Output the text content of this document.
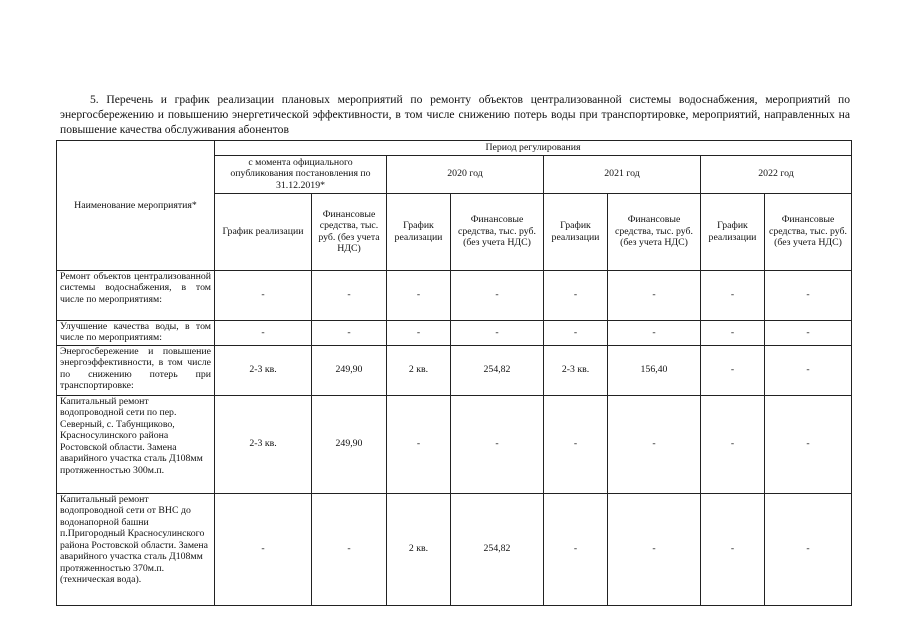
5. Перечень и график реализации плановых мероприятий по ремонту объектов централизованной системы водоснабжения, мероприятий по энергосбережению и повышению энергетической эффективности, в том числе снижению потерь воды при транспортировке, мероприятий, направленных на повышение качества обслуживания абонентов

Наименование мероприятия*	Период регулирования							
	с момента официального опубликования постановления по 31.12.2019*		2020 год		2021 год		2022 год	
	График реализации	Финансовые средства, тыс. руб. (без учета НДС)	График реализации	Финансовые средства, тыс. руб. (без учета НДС)	График реализации	Финансовые средства, тыс. руб. (без учета НДС)	График реализации	Финансовые средства, тыс. руб. (без учета НДС)
Ремонт объектов централизованной системы водоснабжения, в том числе по мероприятиям:	-	-	-	-	-	-	-	-
Улучшение качества воды, в том числе по мероприятиям:	-	-	-	-	-	-	-	-
Энергосбережение и повышение энергоэффективности, в том числе по снижению потерь при транспортировке:	2-3 кв.	249,90	2 кв.	254,82	2-3 кв.	156,40	-	-
Капитальный ремонт водопроводной сети по пер. Северный, с. Табунщиково, Красносулинского района Ростовской области. Замена аварийного участка сталь Д108мм протяженностью 300м.п.	2-3 кв.	249,90	-	-	-	-	-	-
Капитальный ремонт водопроводной сети от ВНС до водонапорной башни п.Пригородный Красносулинского района Ростовской области. Замена аварийного участка сталь Д108мм протяженностью 370м.п. (техническая вода).	-	-	2 кв.	254,82	-	-	-	-
